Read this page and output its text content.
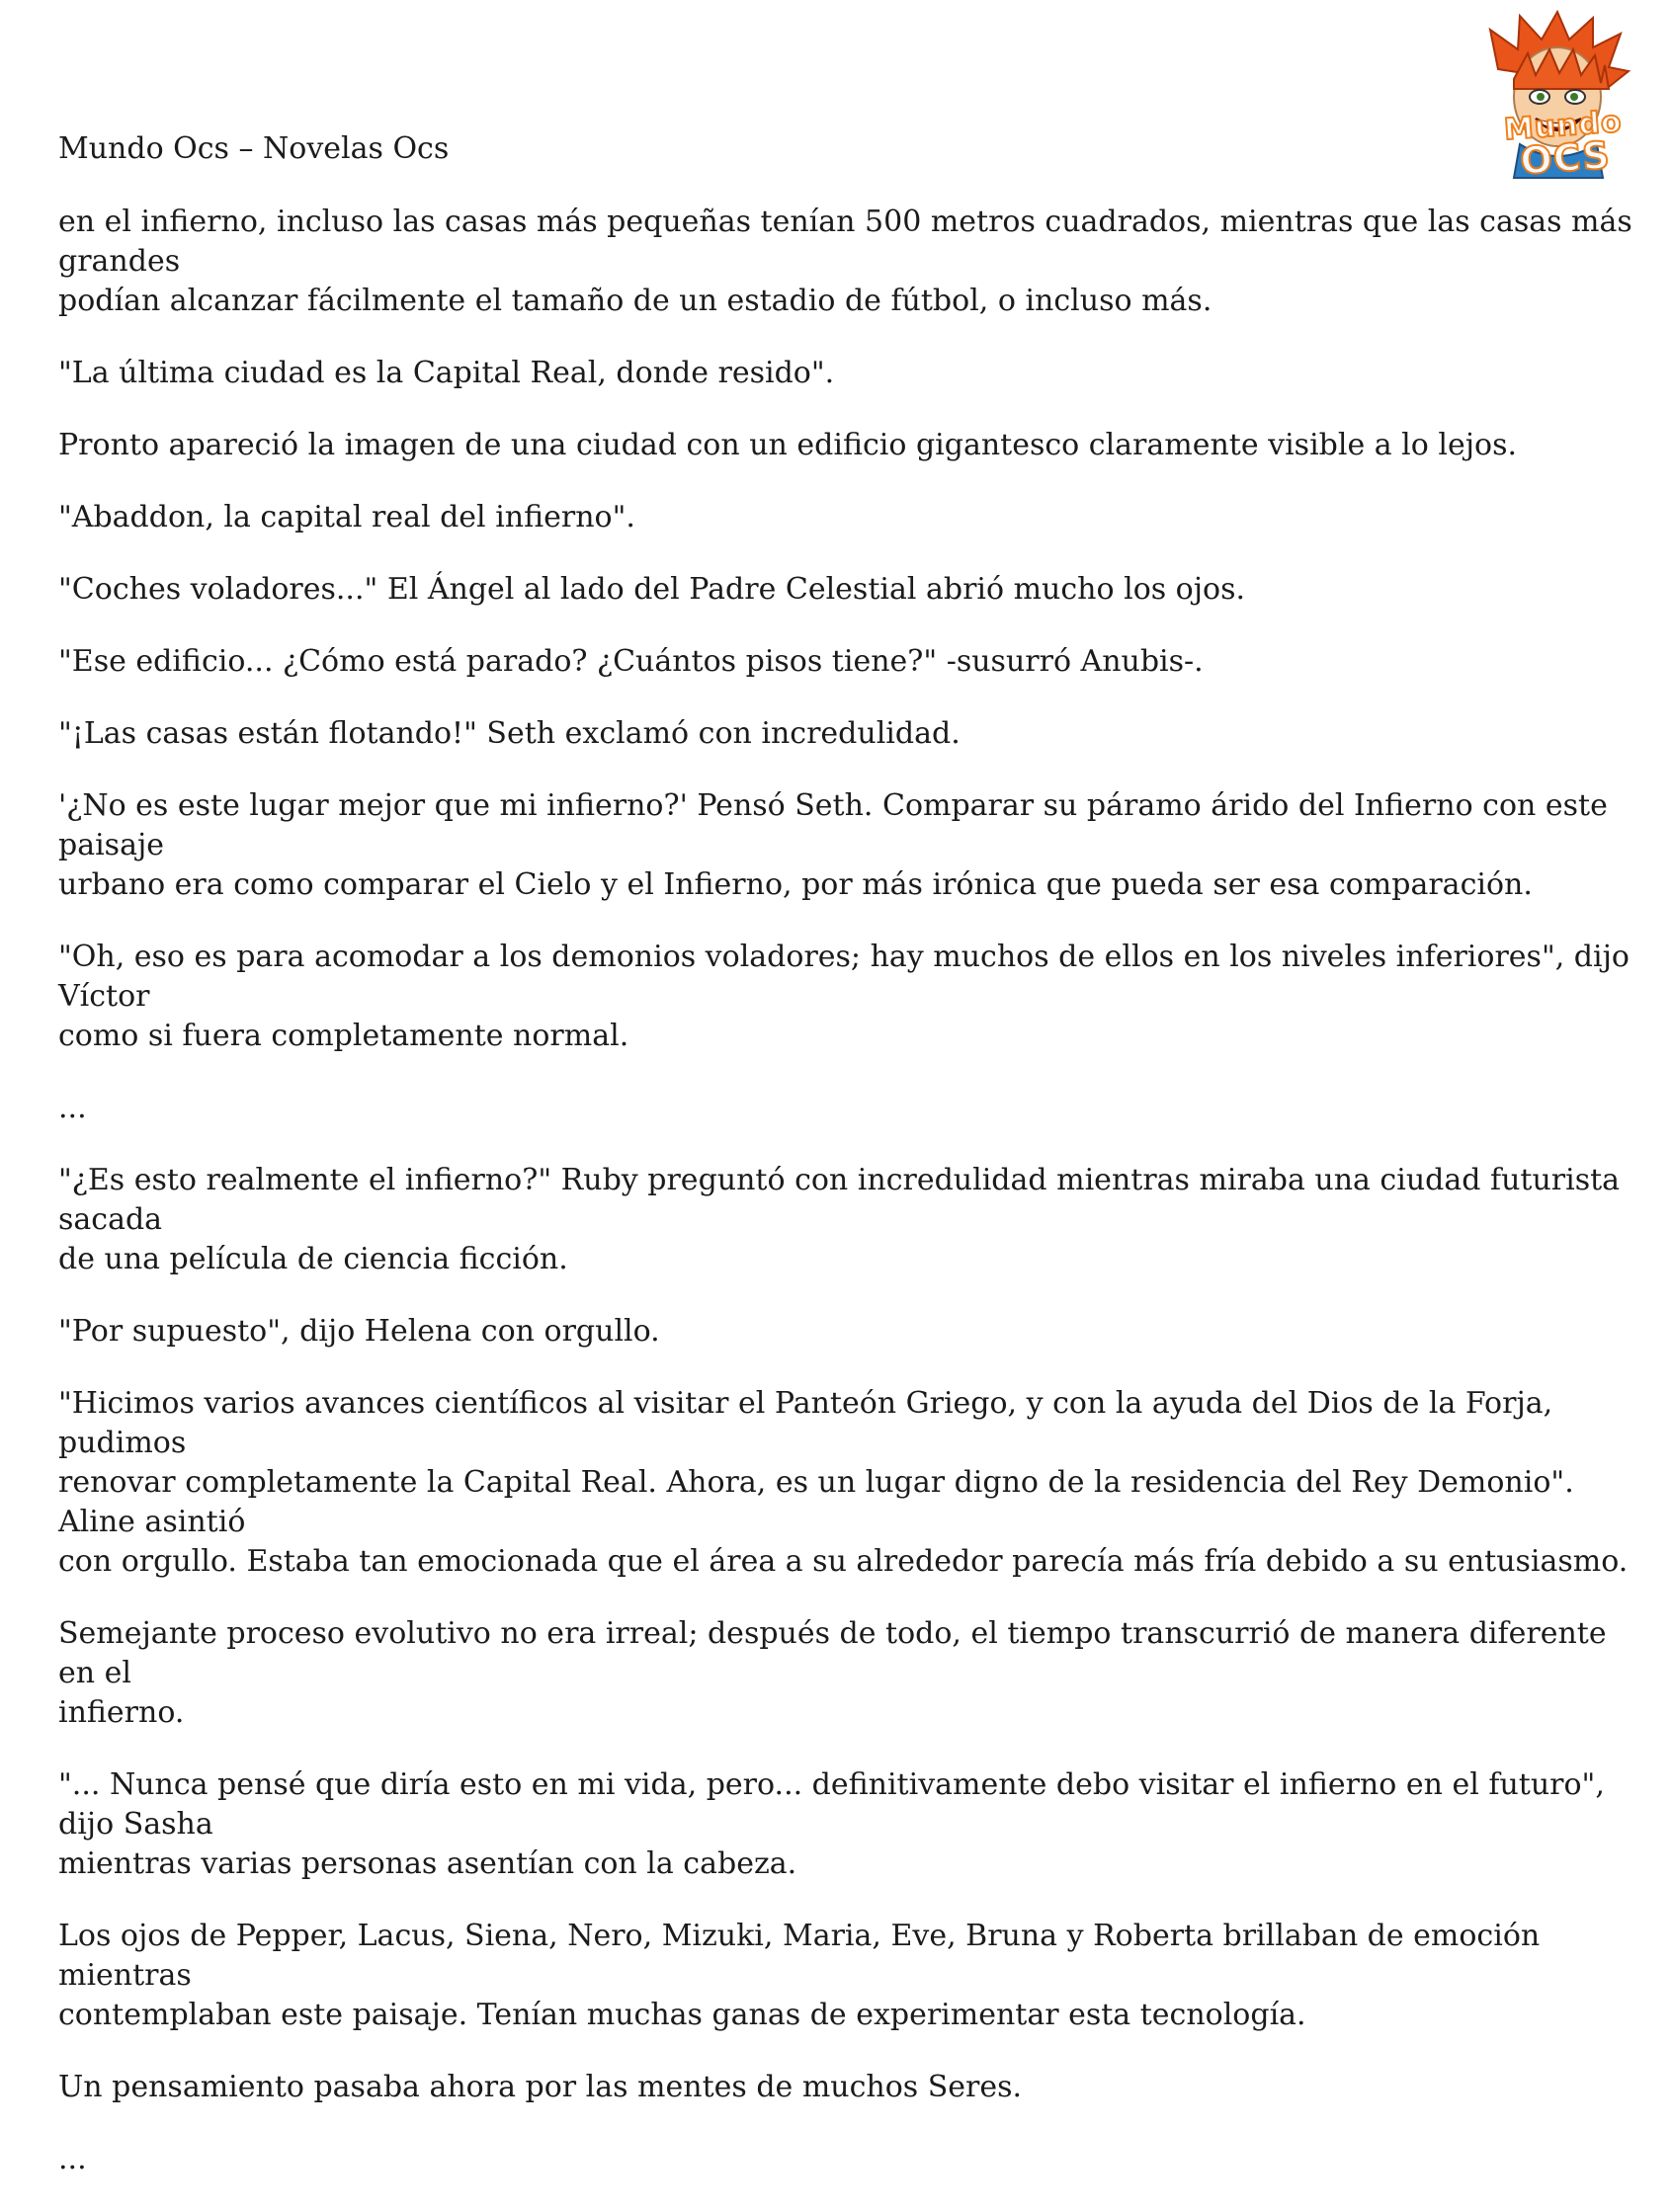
Mundo Ocs – Novelas Ocs
Mundo
OCS

en el infierno, incluso las casas más pequeñas tenían 500 metros cuadrados, mientras que las casas más grandes
podían alcanzar fácilmente el tamaño de un estadio de fútbol, o incluso más.

"La última ciudad es la Capital Real, donde resido".

Pronto apareció la imagen de una ciudad con un edificio gigantesco claramente visible a lo lejos.

"Abaddon, la capital real del infierno".

"Coches voladores..." El Ángel al lado del Padre Celestial abrió mucho los ojos.

"Ese edificio... ¿Cómo está parado? ¿Cuántos pisos tiene?" -susurró Anubis-.

"¡Las casas están flotando!" Seth exclamó con incredulidad.

'¿No es este lugar mejor que mi infierno?' Pensó Seth. Comparar su páramo árido del Infierno con este paisaje
urbano era como comparar el Cielo y el Infierno, por más irónica que pueda ser esa comparación.

"Oh, eso es para acomodar a los demonios voladores; hay muchos de ellos en los niveles inferiores", dijo Víctor
como si fuera completamente normal.

...

"¿Es esto realmente el infierno?" Ruby preguntó con incredulidad mientras miraba una ciudad futurista sacada
de una película de ciencia ficción.

"Por supuesto", dijo Helena con orgullo.

"Hicimos varios avances científicos al visitar el Panteón Griego, y con la ayuda del Dios de la Forja, pudimos
renovar completamente la Capital Real. Ahora, es un lugar digno de la residencia del Rey Demonio". Aline asintió
con orgullo. Estaba tan emocionada que el área a su alrededor parecía más fría debido a su entusiasmo.

Semejante proceso evolutivo no era irreal; después de todo, el tiempo transcurrió de manera diferente en el
infierno.

"... Nunca pensé que diría esto en mi vida, pero... definitivamente debo visitar el infierno en el futuro", dijo Sasha
mientras varias personas asentían con la cabeza.

Los ojos de Pepper, Lacus, Siena, Nero, Mizuki, Maria, Eve, Bruna y Roberta brillaban de emoción mientras
contemplaban este paisaje. Tenían muchas ganas de experimentar esta tecnología.

Un pensamiento pasaba ahora por las mentes de muchos Seres.

...
